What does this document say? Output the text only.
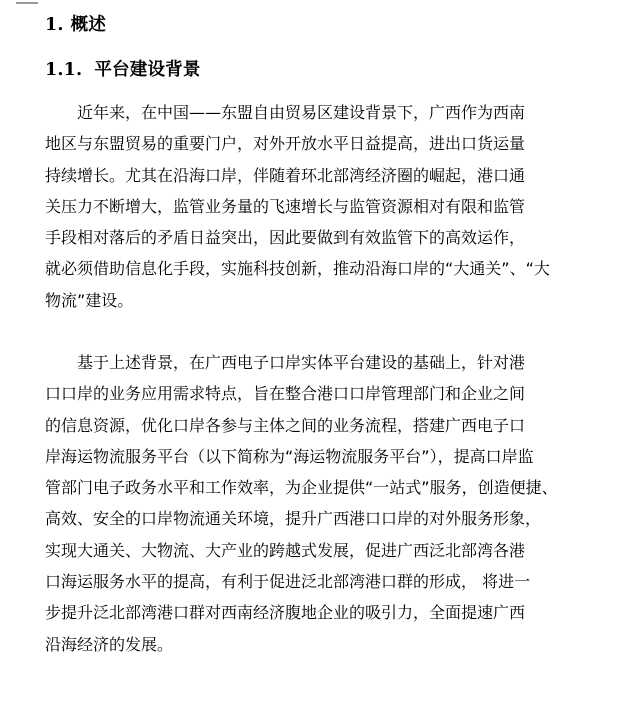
1. 概述
1.1. 平台建设背景
近年来，在中国——东盟自由贸易区建设背景下，广西作为西南
地区与东盟贸易的重要门户，对外开放水平日益提高，进出口货运量
持续增长。尤其在沿海口岸，伴随着环北部湾经济圈的崛起，港口通
关压力不断增大，监管业务量的飞速增长与监管资源相对有限和监管
手段相对落后的矛盾日益突出，因此要做到有效监管下的高效运作，
就必须借助信息化手段，实施科技创新，推动沿海口岸的“大通关”、“大
物流”建设。
基于上述背景，在广西电子口岸实体平台建设的基础上，针对港
口口岸的业务应用需求特点，旨在整合港口口岸管理部门和企业之间
的信息资源，优化口岸各参与主体之间的业务流程，搭建广西电子口
岸海运物流服务平台（以下简称为“海运物流服务平台”），提高口岸监
管部门电子政务水平和工作效率，为企业提供“一站式”服务，创造便捷、
高效、安全的口岸物流通关环境，提升广西港口口岸的对外服务形象，
实现大通关、大物流、大产业的跨越式发展，促进广西泛北部湾各港
口海运服务水平的提高，有利于促进泛北部湾港口群的形成， 将进一
步提升泛北部湾港口群对西南经济腹地企业的吸引力，全面提速广西
沿海经济的发展。
